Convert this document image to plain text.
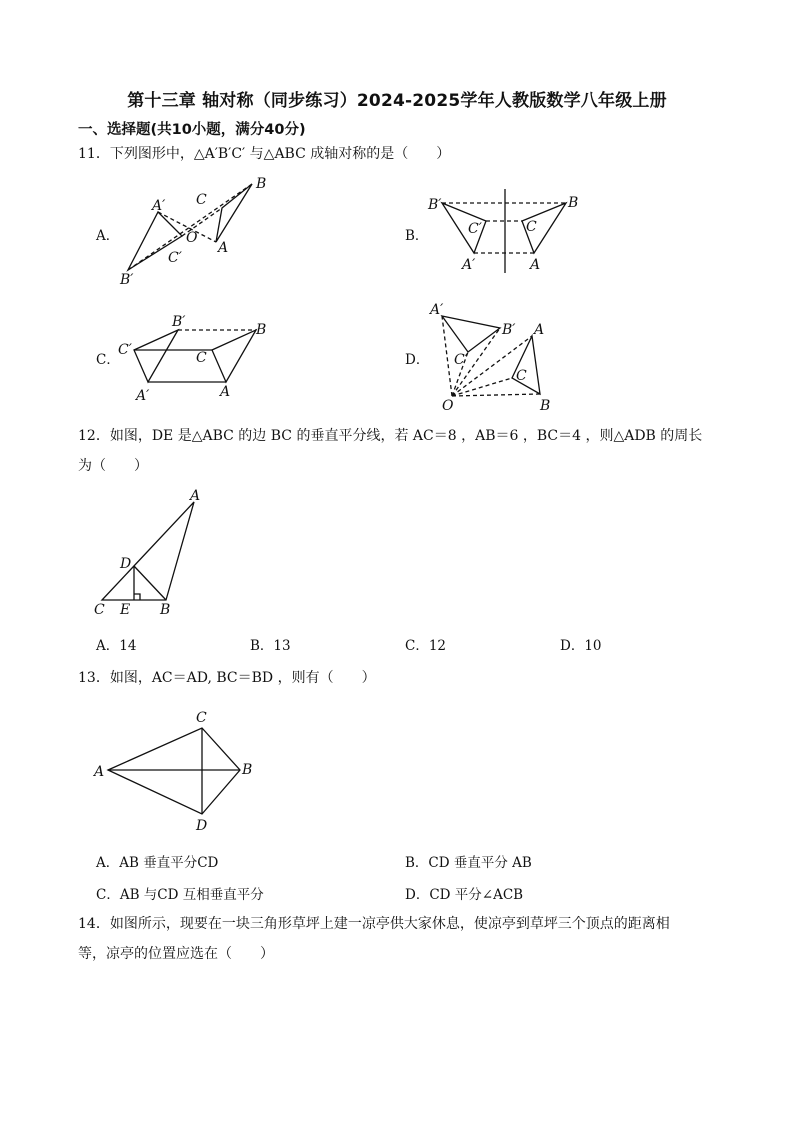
第十三章 轴对称（同步练习）2024-2025学年人教版数学八年级上册
一、选择题(共10小题，满分40分)
11．下列图形中，△A′B′C′ 与△ABC 成轴对称的是（　　）
A．	B．
C．	D．
A′
C′
B′
O
C
B
A
B′
C′
A′
B
C
A
B′
C′
A′
B
C
A
A′
B′
C′
A
C
O	B
12．如图，DE 是△ABC 的边 BC 的垂直平分线，若 AC＝8 ，AB＝6 ，BC＝4 ，则△ADB 的周长
为（　　）
A
D
C E B
A．14	B．13	C．12	D．10
13．如图，AC＝AD, BC＝BD ，则有（　　）
C
A	B
D
A．AB 垂直平分CD	B．CD 垂直平分 AB
C．AB 与CD 互相垂直平分	D．CD 平分∠ACB
14．如图所示，现要在一块三角形草坪上建一凉亭供大家休息，使凉亭到草坪三个顶点的距离相
等，凉亭的位置应选在（　　）
